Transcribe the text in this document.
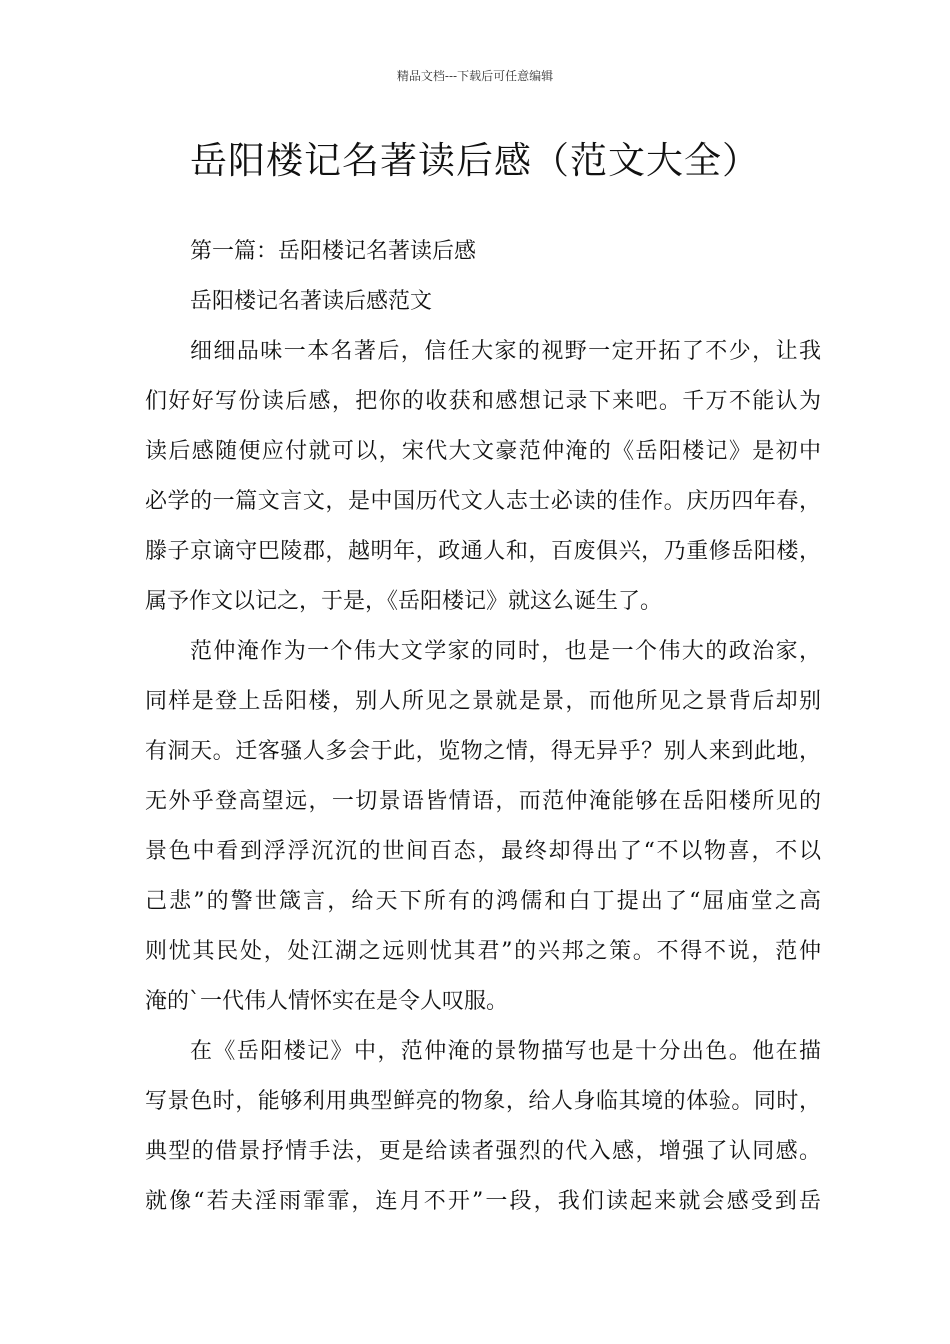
精品文档---下载后可任意编辑
岳阳楼记名著读后感（范文大全）
第一篇：岳阳楼记名著读后感
岳阳楼记名著读后感范文
细细品味一本名著后，信任大家的视野一定开拓了不少，让我
们好好写份读后感，把你的收获和感想记录下来吧。千万不能认为
读后感随便应付就可以，宋代大文豪范仲淹的《岳阳楼记》是初中
必学的一篇文言文，是中国历代文人志士必读的佳作。庆历四年春，
滕子京谪守巴陵郡，越明年，政通人和，百废俱兴，乃重修岳阳楼，
属予作文以记之，于是，《岳阳楼记》就这么诞生了。
范仲淹作为一个伟大文学家的同时，也是一个伟大的政治家，
同样是登上岳阳楼，别人所见之景就是景，而他所见之景背后却别
有洞天。迁客骚人多会于此，览物之情，得无异乎？别人来到此地，
无外乎登高望远，一切景语皆情语，而范仲淹能够在岳阳楼所见的
景色中看到浮浮沉沉的世间百态，最终却得出了“不以物喜，不以
己悲”的警世箴言，给天下所有的鸿儒和白丁提出了“屈庙堂之高
则忧其民处，处江湖之远则忧其君”的兴邦之策。不得不说，范仲
淹的`一代伟人情怀实在是令人叹服。
在《岳阳楼记》中，范仲淹的景物描写也是十分出色。他在描
写景色时，能够利用典型鲜亮的物象，给人身临其境的体验。同时，
典型的借景抒情手法，更是给读者强烈的代入感，增强了认同感。
就像“若夫淫雨霏霏，连月不开”一段，我们读起来就会感受到岳
